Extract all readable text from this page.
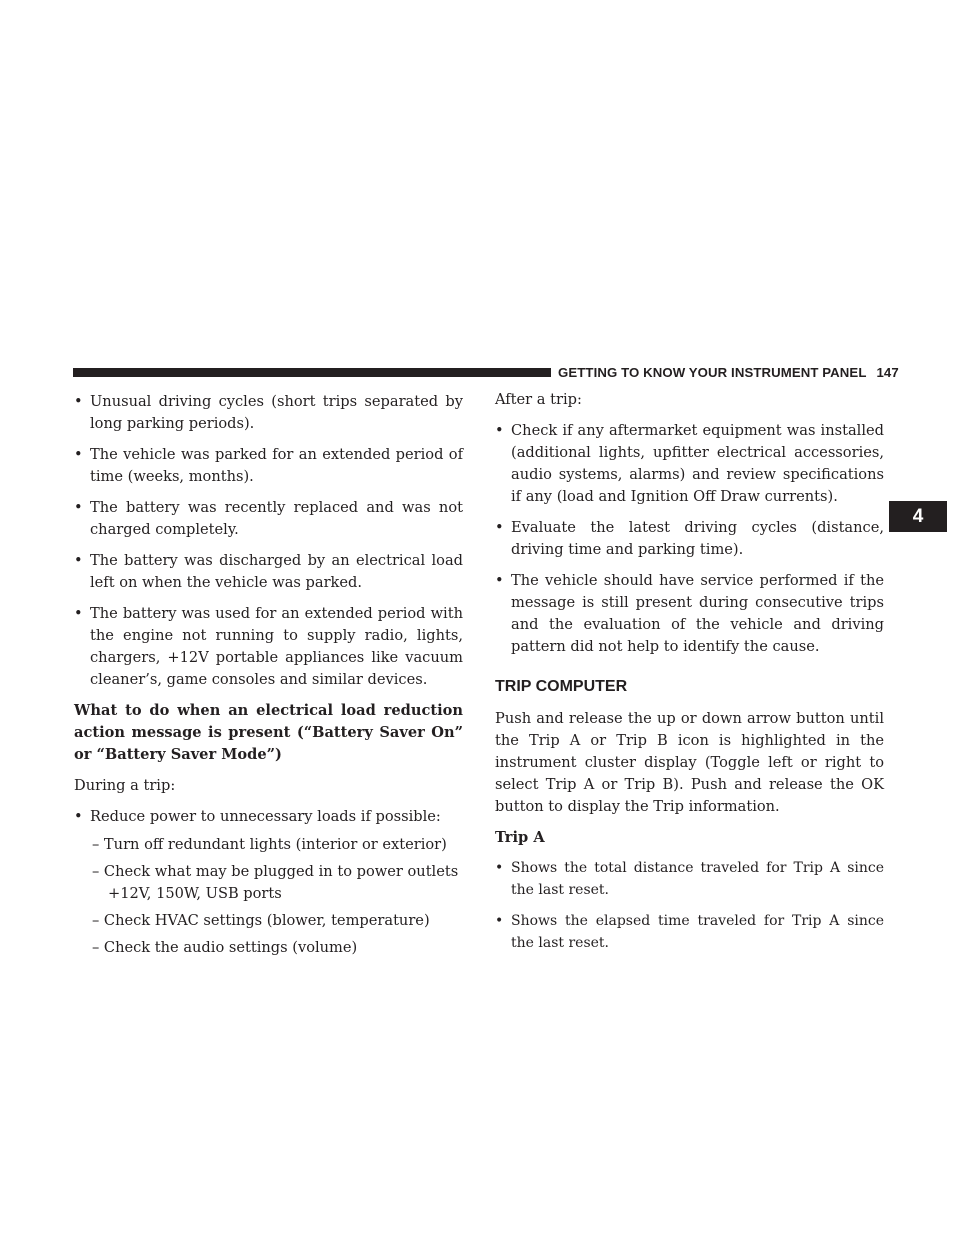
GETTING TO KNOW YOUR INSTRUMENT PANEL 147
4
• Unusual driving cycles (short trips separated by long parking periods).
• The vehicle was parked for an extended period of time (weeks, months).
• The battery was recently replaced and was not charged completely.
• The battery was discharged by an electrical load left on when the vehicle was parked.
• The battery was used for an extended period with the engine not running to supply radio, lights, chargers, +12V portable appliances like vacuum cleaner’s, game consoles and similar devices.
What to do when an electrical load reduction action message is present (“Battery Saver On” or “Battery Saver Mode”)
During a trip:
• Reduce power to unnecessary loads if possible:
– Turn off redundant lights (interior or exterior)
– Check what may be plugged in to power outlets +12V, 150W, USB ports
– Check HVAC settings (blower, temperature)
– Check the audio settings (volume)
After a trip:
• Check if any aftermarket equipment was installed (additional lights, upfitter electrical accessories, audio systems, alarms) and review specifications if any (load and Ignition Off Draw currents).
• Evaluate the latest driving cycles (distance, driving time and parking time).
• The vehicle should have service performed if the message is still present during consecutive trips and the evaluation of the vehicle and driving pattern did not help to identify the cause.
TRIP COMPUTER
Push and release the up or down arrow button until the Trip A or Trip B icon is highlighted in the instrument cluster display (Toggle left or right to select Trip A or Trip B). Push and release the OK button to display the Trip information.
Trip A
• Shows the total distance traveled for Trip A since the last reset.
• Shows the elapsed time traveled for Trip A since the last reset.
